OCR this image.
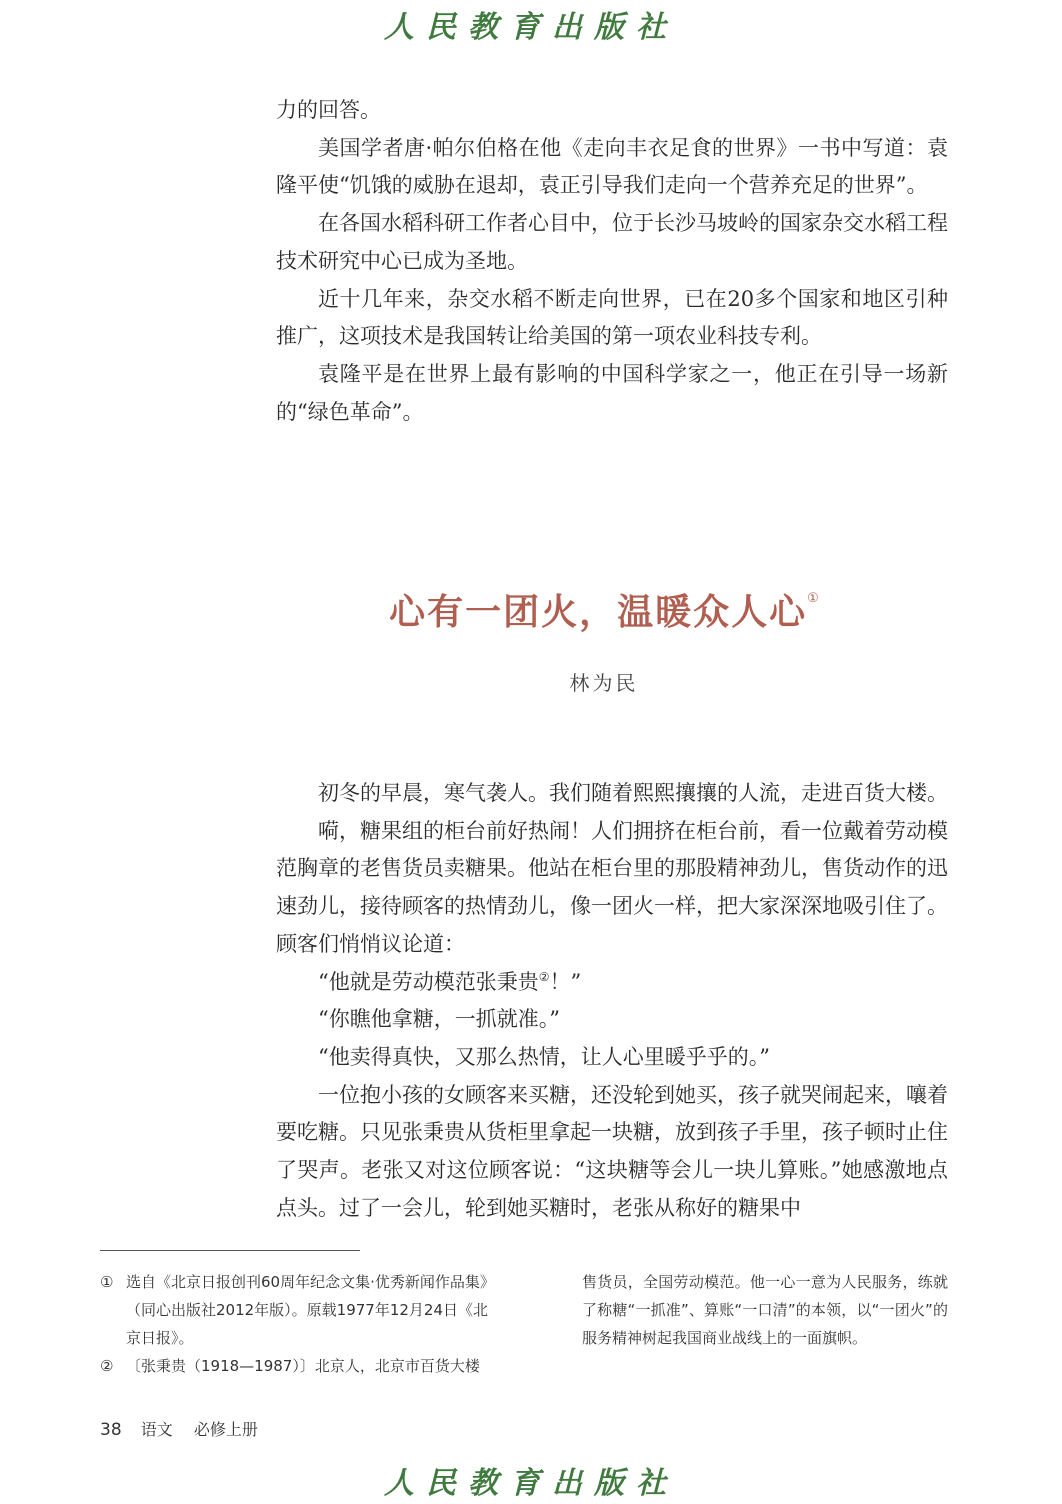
人民教育出版社

力的回答。

美国学者唐·帕尔伯格在他《走向丰衣足食的世界》一书中写道：袁隆平使“饥饿的威胁在退却，袁正引导我们走向一个营养充足的世界”。

在各国水稻科研工作者心目中，位于长沙马坡岭的国家杂交水稻工程技术研究中心已成为圣地。

近十几年来，杂交水稻不断走向世界，已在20多个国家和地区引种推广，这项技术是我国转让给美国的第一项农业科技专利。

袁隆平是在世界上最有影响的中国科学家之一，他正在引导一场新的“绿色革命”。

心有一团火，温暖众人心①
林为民

初冬的早晨，寒气袭人。我们随着熙熙攘攘的人流，走进百货大楼。

嗬，糖果组的柜台前好热闹！人们拥挤在柜台前，看一位戴着劳动模范胸章的老售货员卖糖果。他站在柜台里的那股精神劲儿，售货动作的迅速劲儿，接待顾客的热情劲儿，像一团火一样，把大家深深地吸引住了。顾客们悄悄议论道：

“他就是劳动模范张秉贵②！”

“你瞧他拿糖，一抓就准。”

“他卖得真快，又那么热情，让人心里暖乎乎的。”

一位抱小孩的女顾客来买糖，还没轮到她买，孩子就哭闹起来，嚷着要吃糖。只见张秉贵从货柜里拿起一块糖，放到孩子手里，孩子顿时止住了哭声。老张又对这位顾客说：“这块糖等会儿一块儿算账。”她感激地点点头。过了一会儿，轮到她买糖时，老张从称好的糖果中

① 选自《北京日报创刊60周年纪念文集·优秀新闻作品集》（同心出版社2012年版）。原载1977年12月24日《北京日报》。
② 〔张秉贵（1918—1987）〕北京人，北京市百货大楼
售货员，全国劳动模范。他一心一意为人民服务，练就了称糖“一抓准”、算账“一口清”的本领，以“一团火”的服务精神树起我国商业战线上的一面旗帜。
38 语文 必修上册
人民教育出版社
